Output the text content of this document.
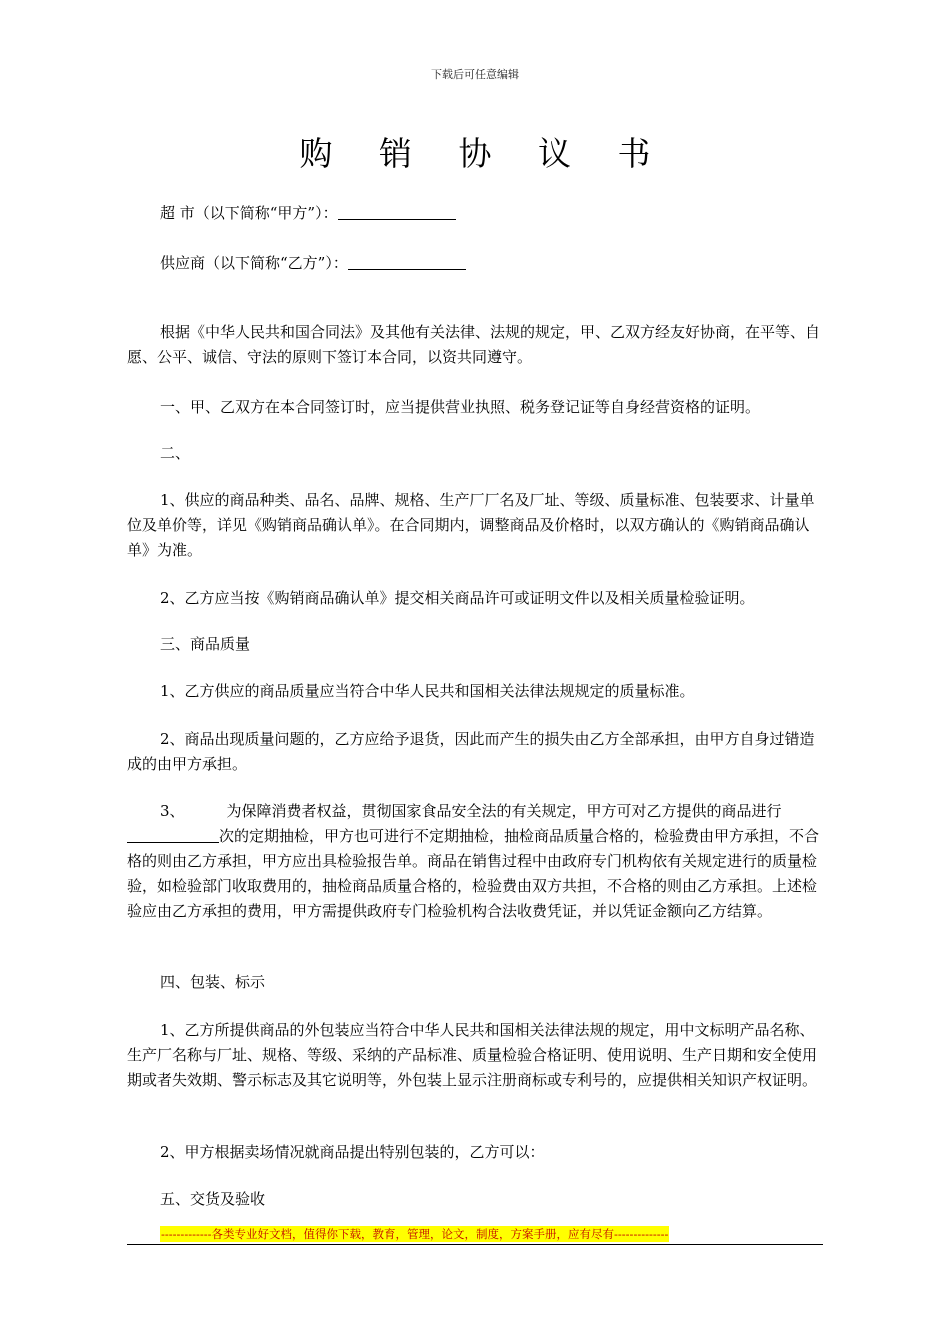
下载后可任意编辑
购 销 协 议 书
超 市（以下简称“甲方”）：
供应商（以下简称“乙方”）：

根据《中华人民共和国合同法》及其他有关法律、法规的规定，甲、乙双方经友好协商，在平等、自愿、公平、诚信、守法的原则下签订本合同，以资共同遵守。

一、甲、乙双方在本合同签订时，应当提供营业执照、税务登记证等自身经营资格的证明。

二、

1、供应的商品种类、品名、品牌、规格、生产厂厂名及厂址、等级、质量标准、包装要求、计量单位及单价等，详见《购销商品确认单》。在合同期内，调整商品及价格时，以双方确认的《购销商品确认单》为准。

2、乙方应当按《购销商品确认单》提交相关商品许可或证明文件以及相关质量检验证明。

三、商品质量

1、乙方供应的商品质量应当符合中华人民共和国相关法律法规规定的质量标准。

2、商品出现质量问题的，乙方应给予退货，因此而产生的损失由乙方全部承担，由甲方自身过错造成的由甲方承担。

3、	为保障消费者权益，贯彻国家食品安全法的有关规定，甲方可对乙方提供的商品进行次的定期抽检，甲方也可进行不定期抽检，抽检商品质量合格的，检验费由甲方承担，不合格的则由乙方承担，甲方应出具检验报告单。商品在销售过程中由政府专门机构依有关规定进行的质量检验，如检验部门收取费用的，抽检商品质量合格的，检验费由双方共担，不合格的则由乙方承担。上述检验应由乙方承担的费用，甲方需提供政府专门检验机构合法收费凭证，并以凭证金额向乙方结算。

四、包装、标示

1、乙方所提供商品的外包装应当符合中华人民共和国相关法律法规的规定，用中文标明产品名称、生产厂名称与厂址、规格、等级、采纳的产品标准、质量检验合格证明、使用说明、生产日期和安全使用期或者失效期、警示标志及其它说明等，外包装上显示注册商标或专利号的，应提供相关知识产权证明。

2、甲方根据卖场情况就商品提出特别包装的，乙方可以：

五、交货及验收

-------------各类专业好文档，值得你下载，教育，管理，论文，制度，方案手册，应有尽有--------------
